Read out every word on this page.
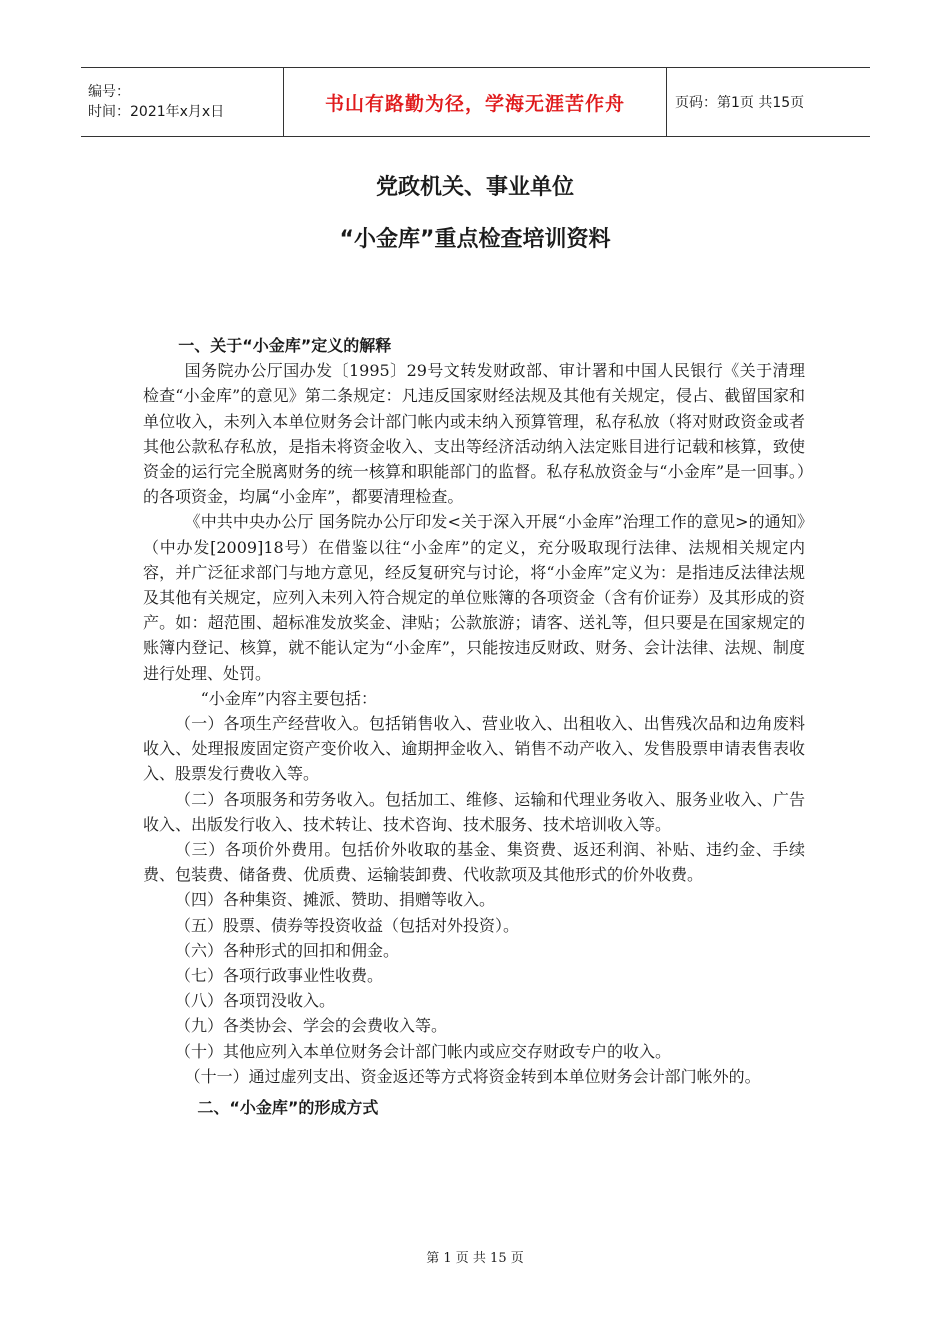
编号：
时间：2021年x月x日	书山有路勤为径，学海无涯苦作舟	页码：第1页 共15页
党政机关、事业单位
“小金库”重点检查培训资料

一、关于“小金库”定义的解释

国务院办公厅国办发〔1995〕29号文转发财政部、审计署和中国人民银行《关于清理检查“小金库”的意见》第二条规定：凡违反国家财经法规及其他有关规定，侵占、截留国家和单位收入，未列入本单位财务会计部门帐内或未纳入预算管理，私存私放（将对财政资金或者其他公款私存私放，是指未将资金收入、支出等经济活动纳入法定账目进行记载和核算，致使资金的运行完全脱离财务的统一核算和职能部门的监督。私存私放资金与“小金库”是一回事。）的各项资金，均属“小金库”，都要清理检查。

《中共中央办公厅 国务院办公厅印发<关于深入开展“小金库”治理工作的意见>的通知》（中办发[2009]18号）在借鉴以往“小金库”的定义，充分吸取现行法律、法规相关规定内容，并广泛征求部门与地方意见，经反复研究与讨论，将“小金库”定义为：是指违反法律法规及其他有关规定，应列入未列入符合规定的单位账簿的各项资金（含有价证券）及其形成的资产。如：超范围、超标准发放奖金、津贴；公款旅游；请客、送礼等，但只要是在国家规定的账簿内登记、核算，就不能认定为“小金库”，只能按违反财政、财务、会计法律、法规、制度进行处理、处罚。

“小金库”内容主要包括：

（一）各项生产经营收入。包括销售收入、营业收入、出租收入、出售残次品和边角废料收入、处理报废固定资产变价收入、逾期押金收入、销售不动产收入、发售股票申请表售表收入、股票发行费收入等。

（二）各项服务和劳务收入。包括加工、维修、运输和代理业务收入、服务业收入、广告收入、出版发行收入、技术转让、技术咨询、技术服务、技术培训收入等。

（三）各项价外费用。包括价外收取的基金、集资费、返还利润、补贴、违约金、手续费、包装费、储备费、优质费、运输装卸费、代收款项及其他形式的价外收费。

（四）各种集资、摊派、赞助、捐赠等收入。

（五）股票、债券等投资收益（包括对外投资）。

（六）各种形式的回扣和佣金。

（七）各项行政事业性收费。

（八）各项罚没收入。

（九）各类协会、学会的会费收入等。

（十）其他应列入本单位财务会计部门帐内或应交存财政专户的收入。

（十一）通过虚列支出、资金返还等方式将资金转到本单位财务会计部门帐外的。

二、“小金库”的形成方式

第 1 页 共 15 页
